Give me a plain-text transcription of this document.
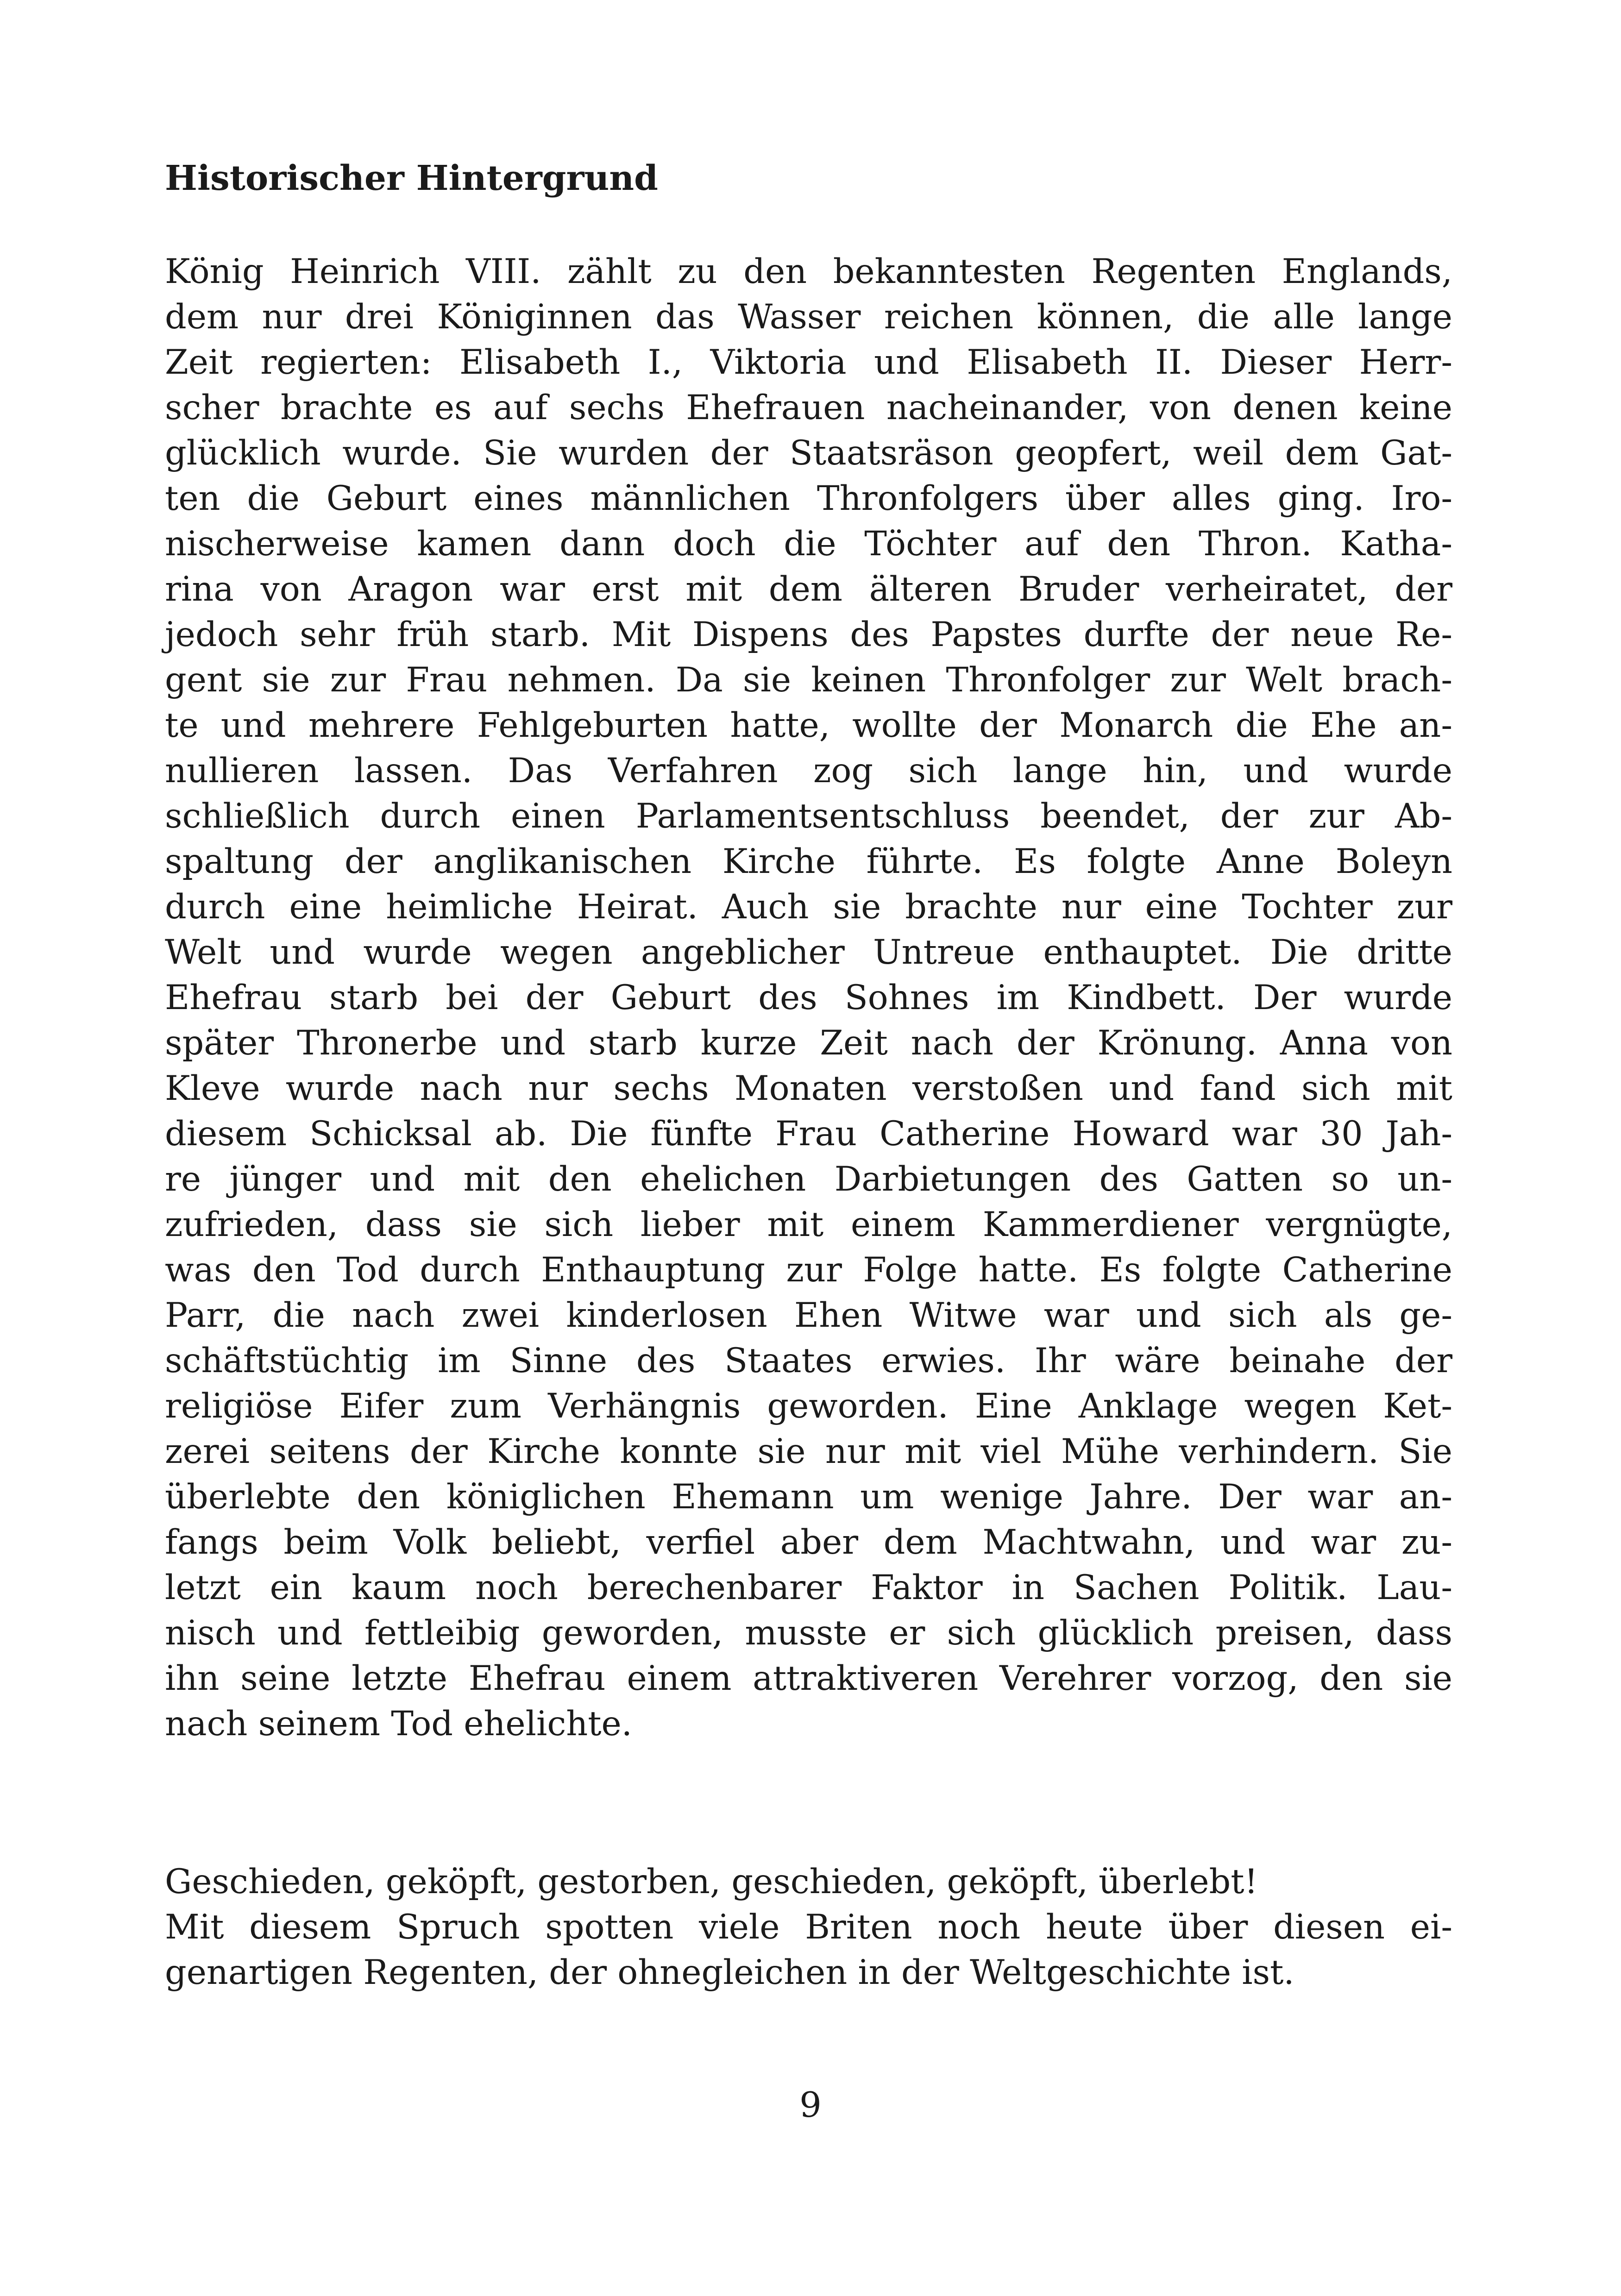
Historischer Hintergrund
König Heinrich VIII. zählt zu den bekanntesten Regenten Englands,
dem nur drei Königinnen das Wasser reichen können, die alle lange
Zeit regierten: Elisabeth I., Viktoria und Elisabeth II. Dieser Herr-
scher brachte es auf sechs Ehefrauen nacheinander, von denen keine
glücklich wurde. Sie wurden der Staatsräson geopfert, weil dem Gat-
ten die Geburt eines männlichen Thronfolgers über alles ging. Iro-
nischerweise kamen dann doch die Töchter auf den Thron. Katha-
rina von Aragon war erst mit dem älteren Bruder verheiratet, der
jedoch sehr früh starb. Mit Dispens des Papstes durfte der neue Re-
gent sie zur Frau nehmen. Da sie keinen Thronfolger zur Welt brach-
te und mehrere Fehlgeburten hatte, wollte der Monarch die Ehe an-
nullieren lassen. Das Verfahren zog sich lange hin, und wurde
schließlich durch einen Parlamentsentschluss beendet, der zur Ab-
spaltung der anglikanischen Kirche führte. Es folgte Anne Boleyn
durch eine heimliche Heirat. Auch sie brachte nur eine Tochter zur
Welt und wurde wegen angeblicher Untreue enthauptet. Die dritte
Ehefrau starb bei der Geburt des Sohnes im Kindbett. Der wurde
später Thronerbe und starb kurze Zeit nach der Krönung. Anna von
Kleve wurde nach nur sechs Monaten verstoßen und fand sich mit
diesem Schicksal ab. Die fünfte Frau Catherine Howard war 30 Jah-
re jünger und mit den ehelichen Darbietungen des Gatten so un-
zufrieden, dass sie sich lieber mit einem Kammerdiener vergnügte,
was den Tod durch Enthauptung zur Folge hatte. Es folgte Catherine
Parr, die nach zwei kinderlosen Ehen Witwe war und sich als ge-
schäftstüchtig im Sinne des Staates erwies. Ihr wäre beinahe der
religiöse Eifer zum Verhängnis geworden. Eine Anklage wegen Ket-
zerei seitens der Kirche konnte sie nur mit viel Mühe verhindern. Sie
überlebte den königlichen Ehemann um wenige Jahre. Der war an-
fangs beim Volk beliebt, verfiel aber dem Machtwahn, und war zu-
letzt ein kaum noch berechenbarer Faktor in Sachen Politik. Lau-
nisch und fettleibig geworden, musste er sich glücklich preisen, dass
ihn seine letzte Ehefrau einem attraktiveren Verehrer vorzog, den sie
nach seinem Tod ehelichte.
Geschieden, geköpft, gestorben, geschieden, geköpft, überlebt!
Mit diesem Spruch spotten viele Briten noch heute über diesen ei-
genartigen Regenten, der ohnegleichen in der Weltgeschichte ist.
9
